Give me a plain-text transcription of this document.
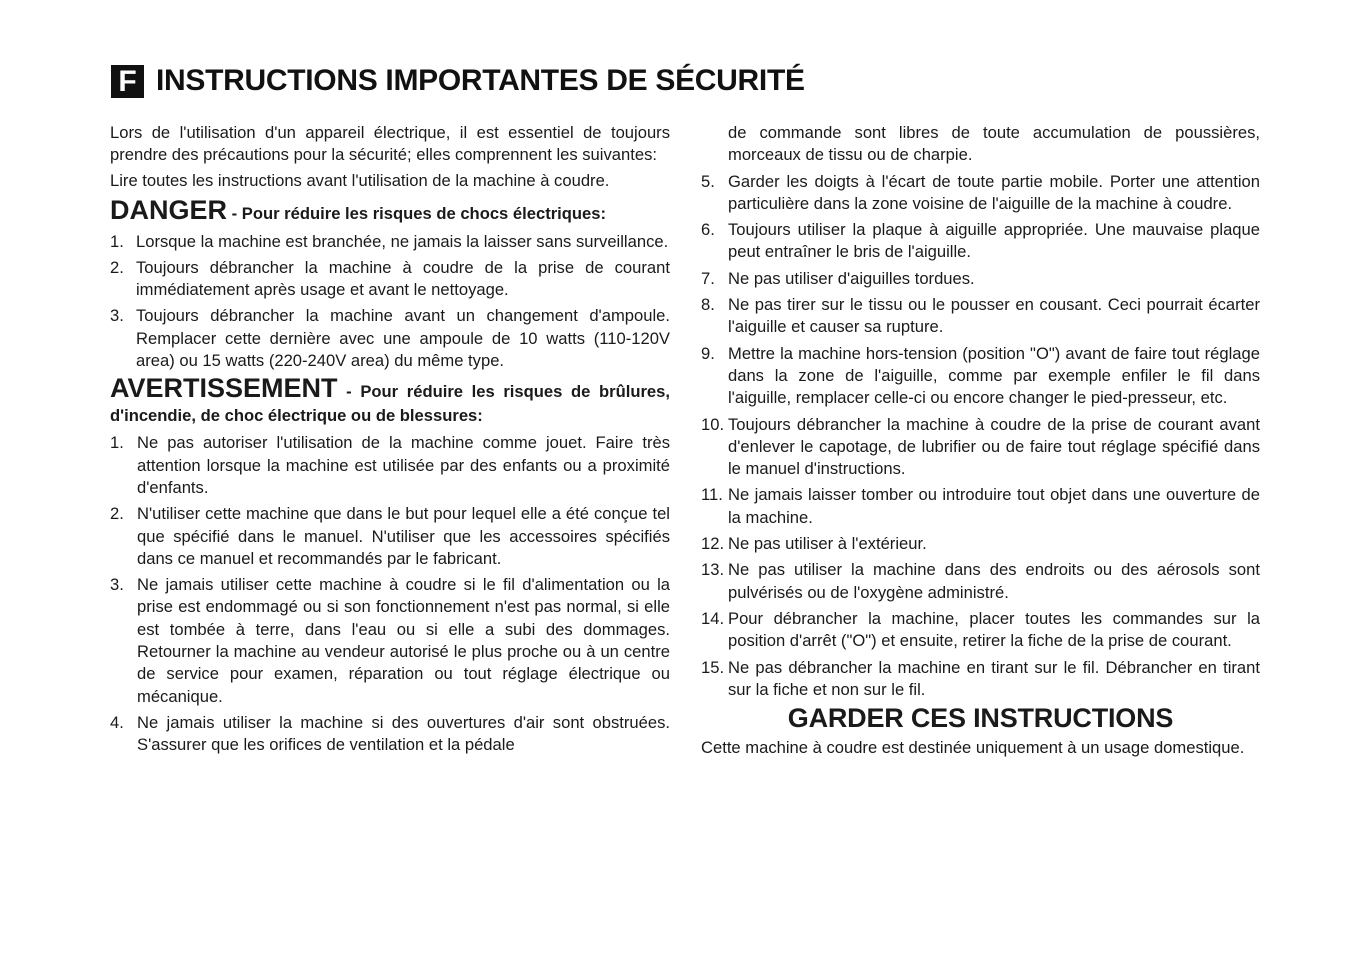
F INSTRUCTIONS IMPORTANTES DE SÉCURITÉ

Lors de l'utilisation d'un appareil électrique, il est essentiel de toujours prendre des précautions pour la sécurité; elles comprennent les suivantes:

Lire toutes les instructions avant l'utilisation de la machine à coudre.

DANGER - Pour réduire les risques de chocs électriques:
1. Lorsque la machine est branchée, ne jamais la laisser sans surveillance.
2. Toujours débrancher la machine à coudre de la prise de courant immédiatement après usage et avant le nettoyage.
3. Toujours débrancher la machine avant un changement d'ampoule. Remplacer cette dernière avec une ampoule de 10 watts (110-120V area) ou 15 watts (220-240V area) du même type.
AVERTISSEMENT - Pour réduire les risques de brûlures, d'incendie, de choc électrique ou de blessures:
1. Ne pas autoriser l'utilisation de la machine comme jouet. Faire très attention lorsque la machine est utilisée par des enfants ou a proximité d'enfants.
2. N'utiliser cette machine que dans le but pour lequel elle a été conçue tel que spécifié dans le manuel. N'utiliser que les accessoires spécifiés dans ce manuel et recommandés par le fabricant.
3. Ne jamais utiliser cette machine à coudre si le fil d'alimentation ou la prise est endommagé ou si son fonctionnement n'est pas normal, si elle est tombée à terre, dans l'eau ou si elle a subi des dommages. Retourner la machine au vendeur autorisé le plus proche ou à un centre de service pour examen, réparation ou tout réglage électrique ou mécanique.
4. Ne jamais utiliser la machine si des ouvertures d'air sont obstruées. S'assurer que les orifices de ventilation et la pédale

de commande sont libres de toute accumulation de poussières, morceaux de tissu ou de charpie.

5. Garder les doigts à l'écart de toute partie mobile. Porter une attention particulière dans la zone voisine de l'aiguille de la machine à coudre.
6. Toujours utiliser la plaque à aiguille appropriée. Une mauvaise plaque peut entraîner le bris de l'aiguille.
7. Ne pas utiliser d'aiguilles tordues.
8. Ne pas tirer sur le tissu ou le pousser en cousant. Ceci pourrait écarter l'aiguille et causer sa rupture.
9. Mettre la machine hors-tension (position "O") avant de faire tout réglage dans la zone de l'aiguille, comme par exemple enfiler le fil dans l'aiguille, remplacer celle-ci ou encore changer le pied-presseur, etc.
10. Toujours débrancher la machine à coudre de la prise de courant avant d'enlever le capotage, de lubrifier ou de faire tout réglage spécifié dans le manuel d'instructions.
11. Ne jamais laisser tomber ou introduire tout objet dans une ouverture de la machine.
12. Ne pas utiliser à l'extérieur.
13. Ne pas utiliser la machine dans des endroits ou des aérosols sont pulvérisés ou de l'oxygène administré.
14. Pour débrancher la machine, placer toutes les commandes sur la position d'arrêt ("O") et ensuite, retirer la fiche de la prise de courant.
15. Ne pas débrancher la machine en tirant sur le fil. Débrancher en tirant sur la fiche et non sur le fil.
GARDER CES INSTRUCTIONS

Cette machine à coudre est destinée uniquement à un usage domestique.
